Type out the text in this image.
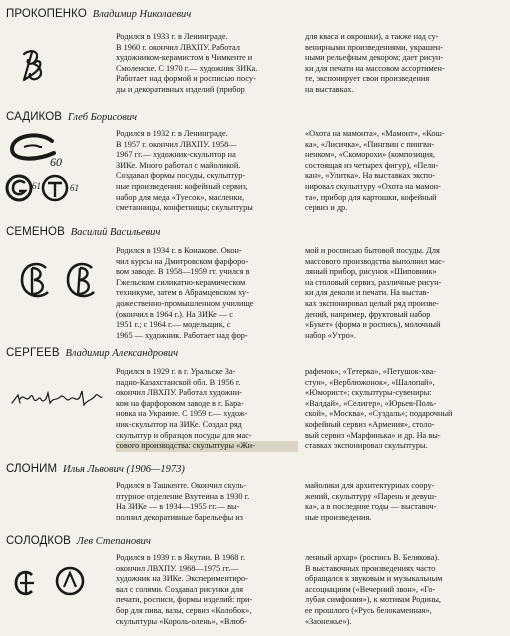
ПРОКОПЕНКО Владимир Николаевич
Родился в 1933 г. в Ленинграде.
В 1960 г. окончил ЛВХПУ. Работал
художником-керамистом в Чимкенте и
Смоленске. С 1970 г.— художник ЗИКа.
Работает над формой и росписью посу-
ды и декоративных изделий (прибор
для кваса и окрошки), а также над су-
венирными произведениями, украшен-
ными рельефным декором; дает рисун-
ки для печати на массовом ассортимен-
те, экспонирует свои произведения
на выставках.
САДИКОВ Глеб Борисович
60
61	61
Родился в 1932 г. в Ленинграде.
В 1957 г. окончил ЛВХПУ. 1958—
1967 гг.— художник-скульптор на
ЗИКе. Много работал с майоликой.
Создавал формы посуды, скульптур-
ные произведения: кофейный сервиз,
набор для меда «Туесок», масленки,
сметанницы, конфетницы; скульптуры
«Охота на мамонта», «Мамонт», «Кош-
ка», «Лисичка», «Пингвин с пингви-
ненком», «Скоморохи» (композиция,
состоящая из четырех фигур), «Пели-
кан», «Улитка». На выставках экспо-
нировал скульптуру «Охота на мамон-
та», прибор для картошки, кофейный
сервиз и др.
СЕМЕНОВ Василий Васильевич
Родился в 1934 г. в Конакове. Окон-
чил курсы на Дмитровском фарфоро-
вом заводе. В 1958—1959 гг. учился в
Гжельском силикатно-керамическом
техникуме, затем в Абрамцевском ху-
дожественно-промышленном училище
(окончил в 1964 г.). На ЗИКе — с
1951 г.; с 1964 г.— модельщик, с
1965 — художник. Работает над фор-
мой и росписью бытовой посуды. Для
массового производства выполнил мас-
ляный прибор, рисунок «Шиповник»
на столовый сервиз, различные рисун-
ки для деколи и печати. На выстав-
ках экспонировал целый ряд произве-
дений, например, фруктовый набор
«Букет» (форма и роспись), молочный
набор «Утро».
СЕРГЕЕВ Владимир Александрович
Родился в 1929 г. в г. Уральске За-
падно-Казахстанской обл. В 1956 г.
окончил ЛВХПУ. Работал художни-
ком на фарфоровом заводе в г. Бара-
новка на Украине. С 1959 г.— худож-
ник-скульптор на ЗИКе. Создал ряд
скульптур и образцов посуды для мас-
сового производства: скульптуры «Жи-
рафенок», «Тетерка», «Петушок-хва-
стун», «Верблюжонок», «Шалопай»,
«Юморист»; скульптуры-сувениры:
«Валдай», «Селигер», «Юрьев-Поль-
ской», «Москва», «Суздаль»; подарочный
кофейный сервиз «Армения», столо-
вый сервиз «Марфинька» и др. На вы-
ставках экспонировал скульптуры.
СЛОНИМ Илья Львович (1906—1973)
Родился в Ташкенте. Окончил скуль-
птурное отделение Вхутеина в 1930 г.
На ЗИКе — в 1934—1955 гг.— вы-
полнил декоративные барельефы из
майолики для архитектурных соору-
жений, скульптуру «Парень и девуш-
ка», а в последние годы — выставоч-
ные произведения.
СОЛОДКОВ Лев Степанович
Родился в 1939 г. в Якутии. В 1968 г.
окончил ЛВХПУ. 1968—1975 гг.—
художник на ЗИКе. Экспериментиро-
вал с солями. Создавал рисунки для
печати, росписи, формы изделий: при-
бор для пива, вазы, сервиз «Колобок»,
скульптуры «Король-олень», «Влюб-
ленный архар» (роспись В. Белякова).
В выставочных произведениях часто
обращался к звуковым и музыкальным
ассоциациям («Вечерний звон», «Го-
лубая симфония»), к мотивам Родины,
ее прошлого («Русь белокаменная»,
«Заонежье»).
